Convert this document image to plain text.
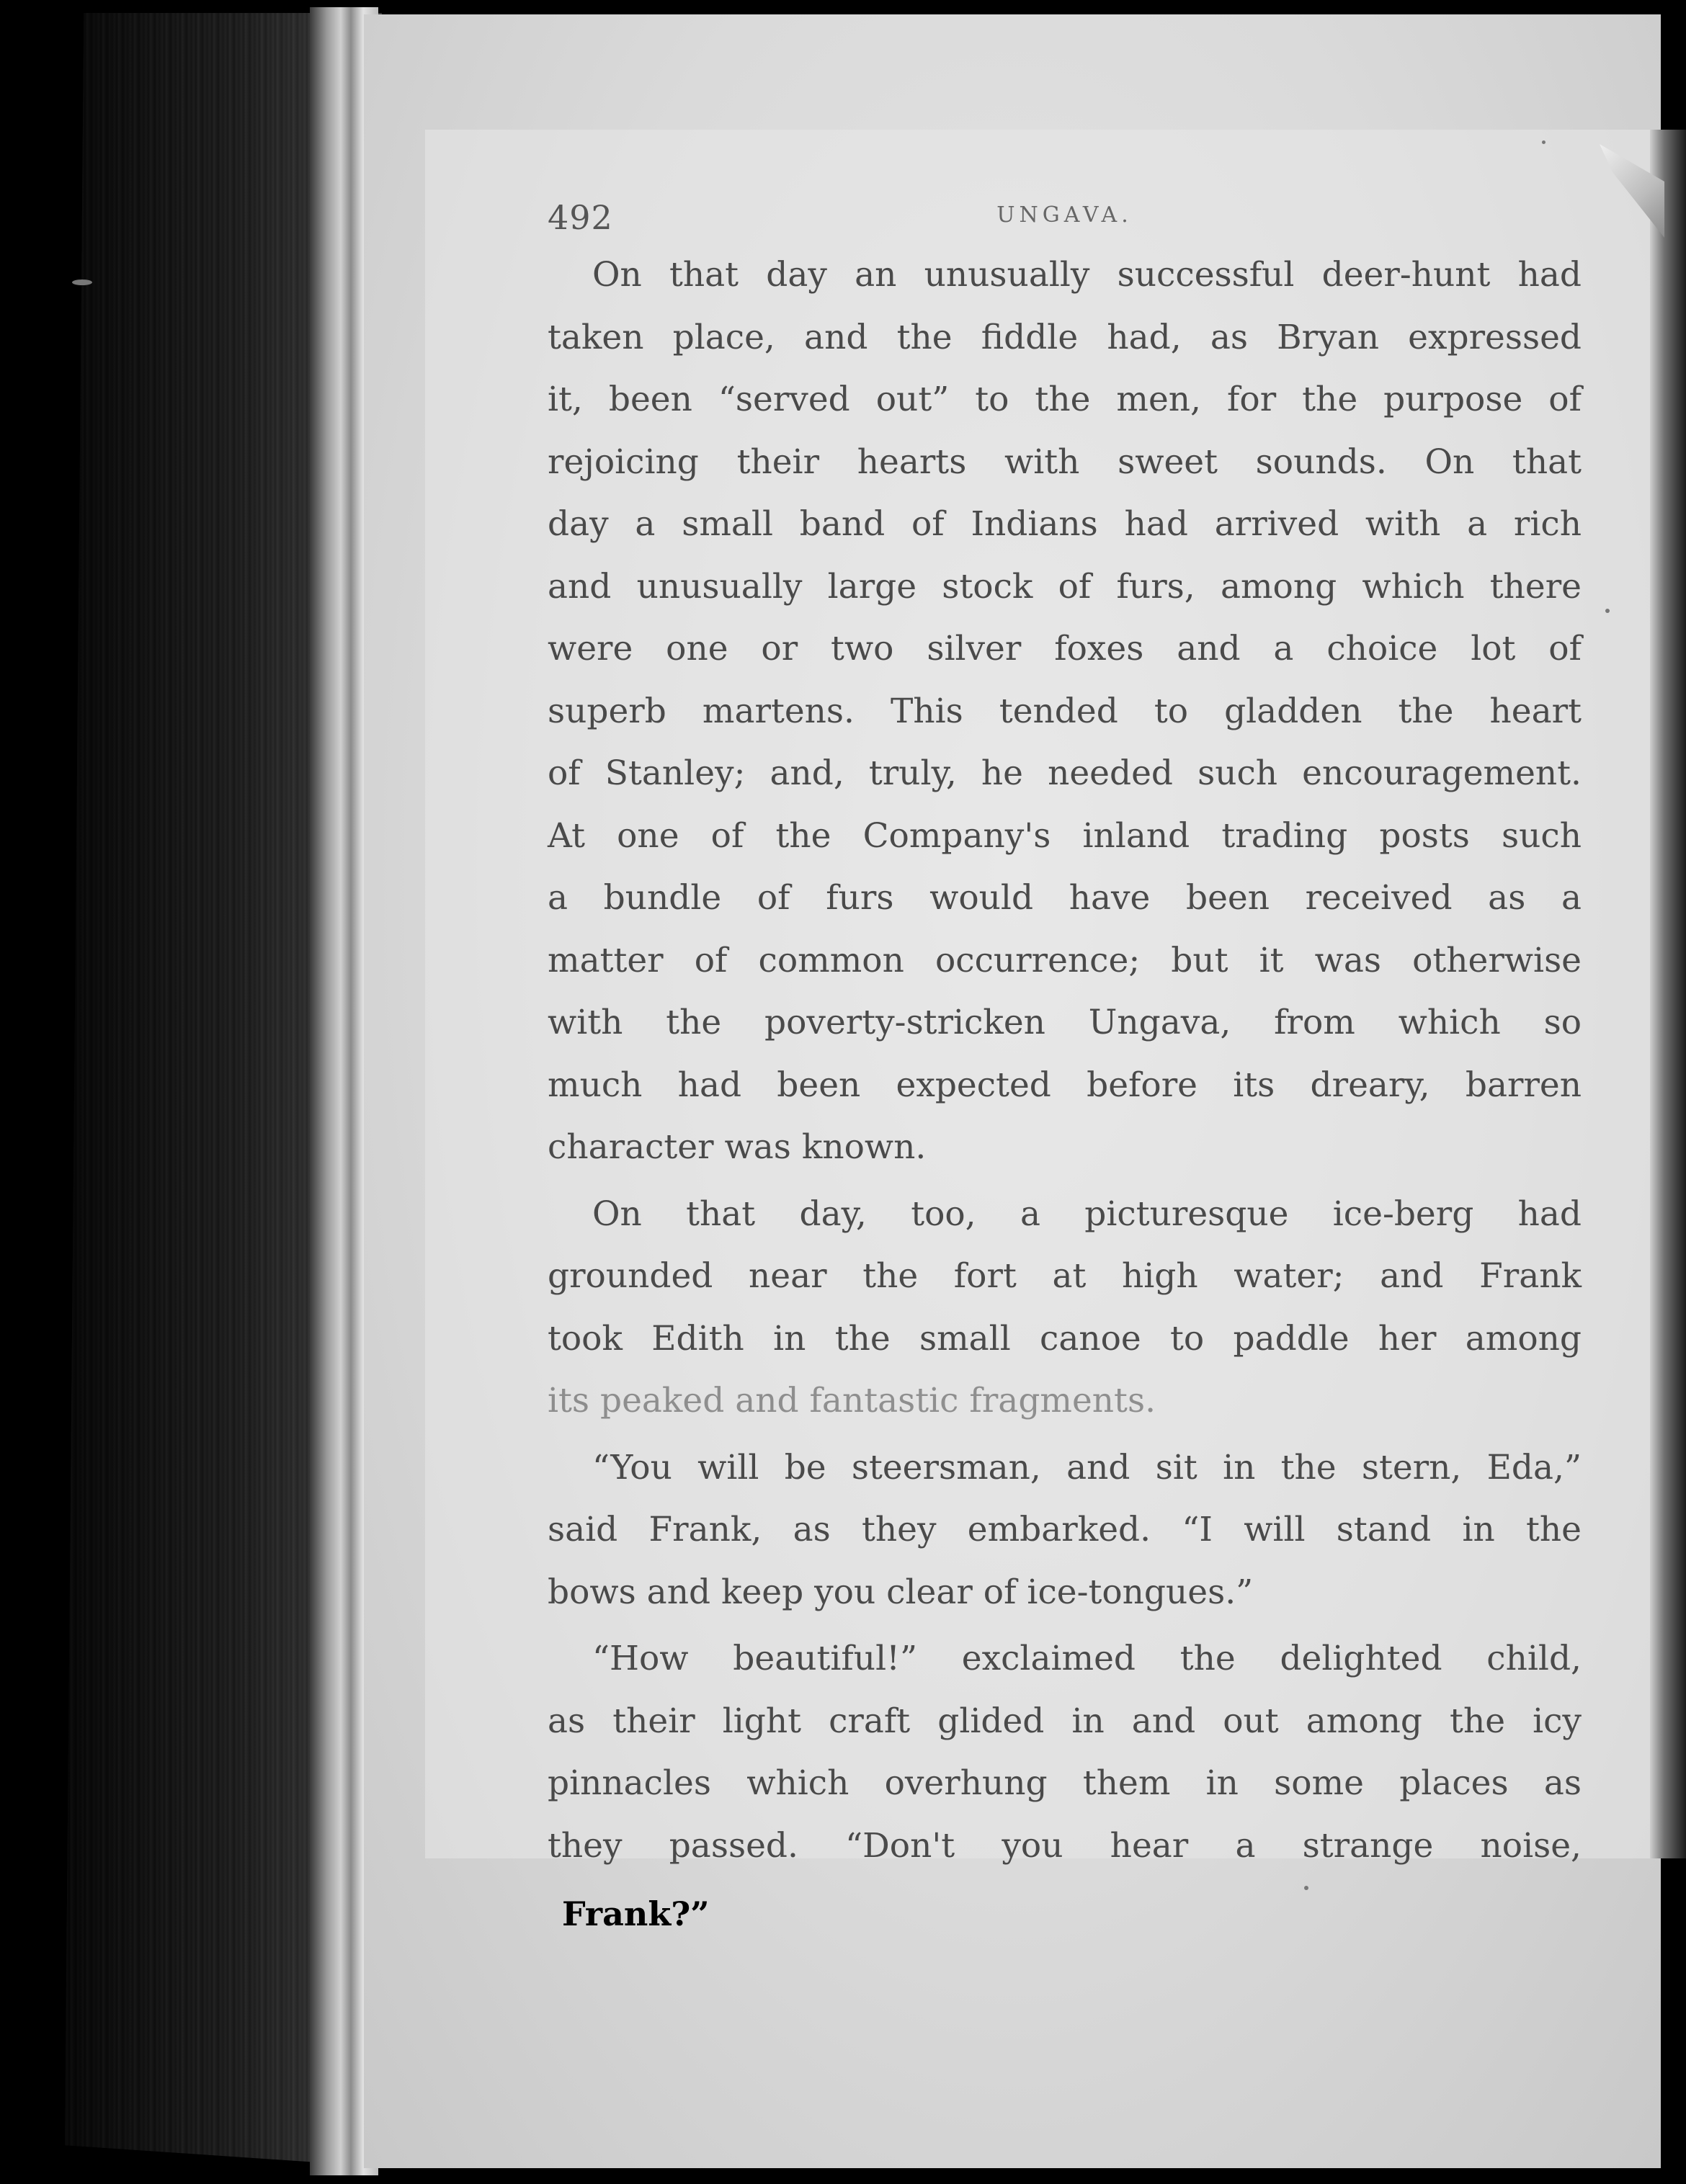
492	UNGAVA.

On that day an unusually successful deer-hunt had
taken place, and the fiddle had, as Bryan expressed
it, been “served out” to the men, for the purpose of
rejoicing their hearts with sweet sounds. On that
day a small band of Indians had arrived with a rich
and unusually large stock of furs, among which there
were one or two silver foxes and a choice lot of
superb martens. This tended to gladden the heart
of Stanley; and, truly, he needed such encouragement.
At one of the Company's inland trading posts such
a bundle of furs would have been received as a
matter of common occurrence; but it was otherwise
with the poverty-stricken Ungava, from which so
much had been expected before its dreary, barren
character was known.

On that day, too, a picturesque ice-berg had
grounded near the fort at high water; and Frank
took Edith in the small canoe to paddle her among
its peaked and fantastic fragments.

“You will be steersman, and sit in the stern, Eda,”
said Frank, as they embarked. “I will stand in the
bows and keep you clear of ice-tongues.”

“How beautiful!” exclaimed the delighted child,
as their light craft glided in and out among the icy
pinnacles which overhung them in some places as
they passed. “Don't you hear a strange noise,

Frank?”
